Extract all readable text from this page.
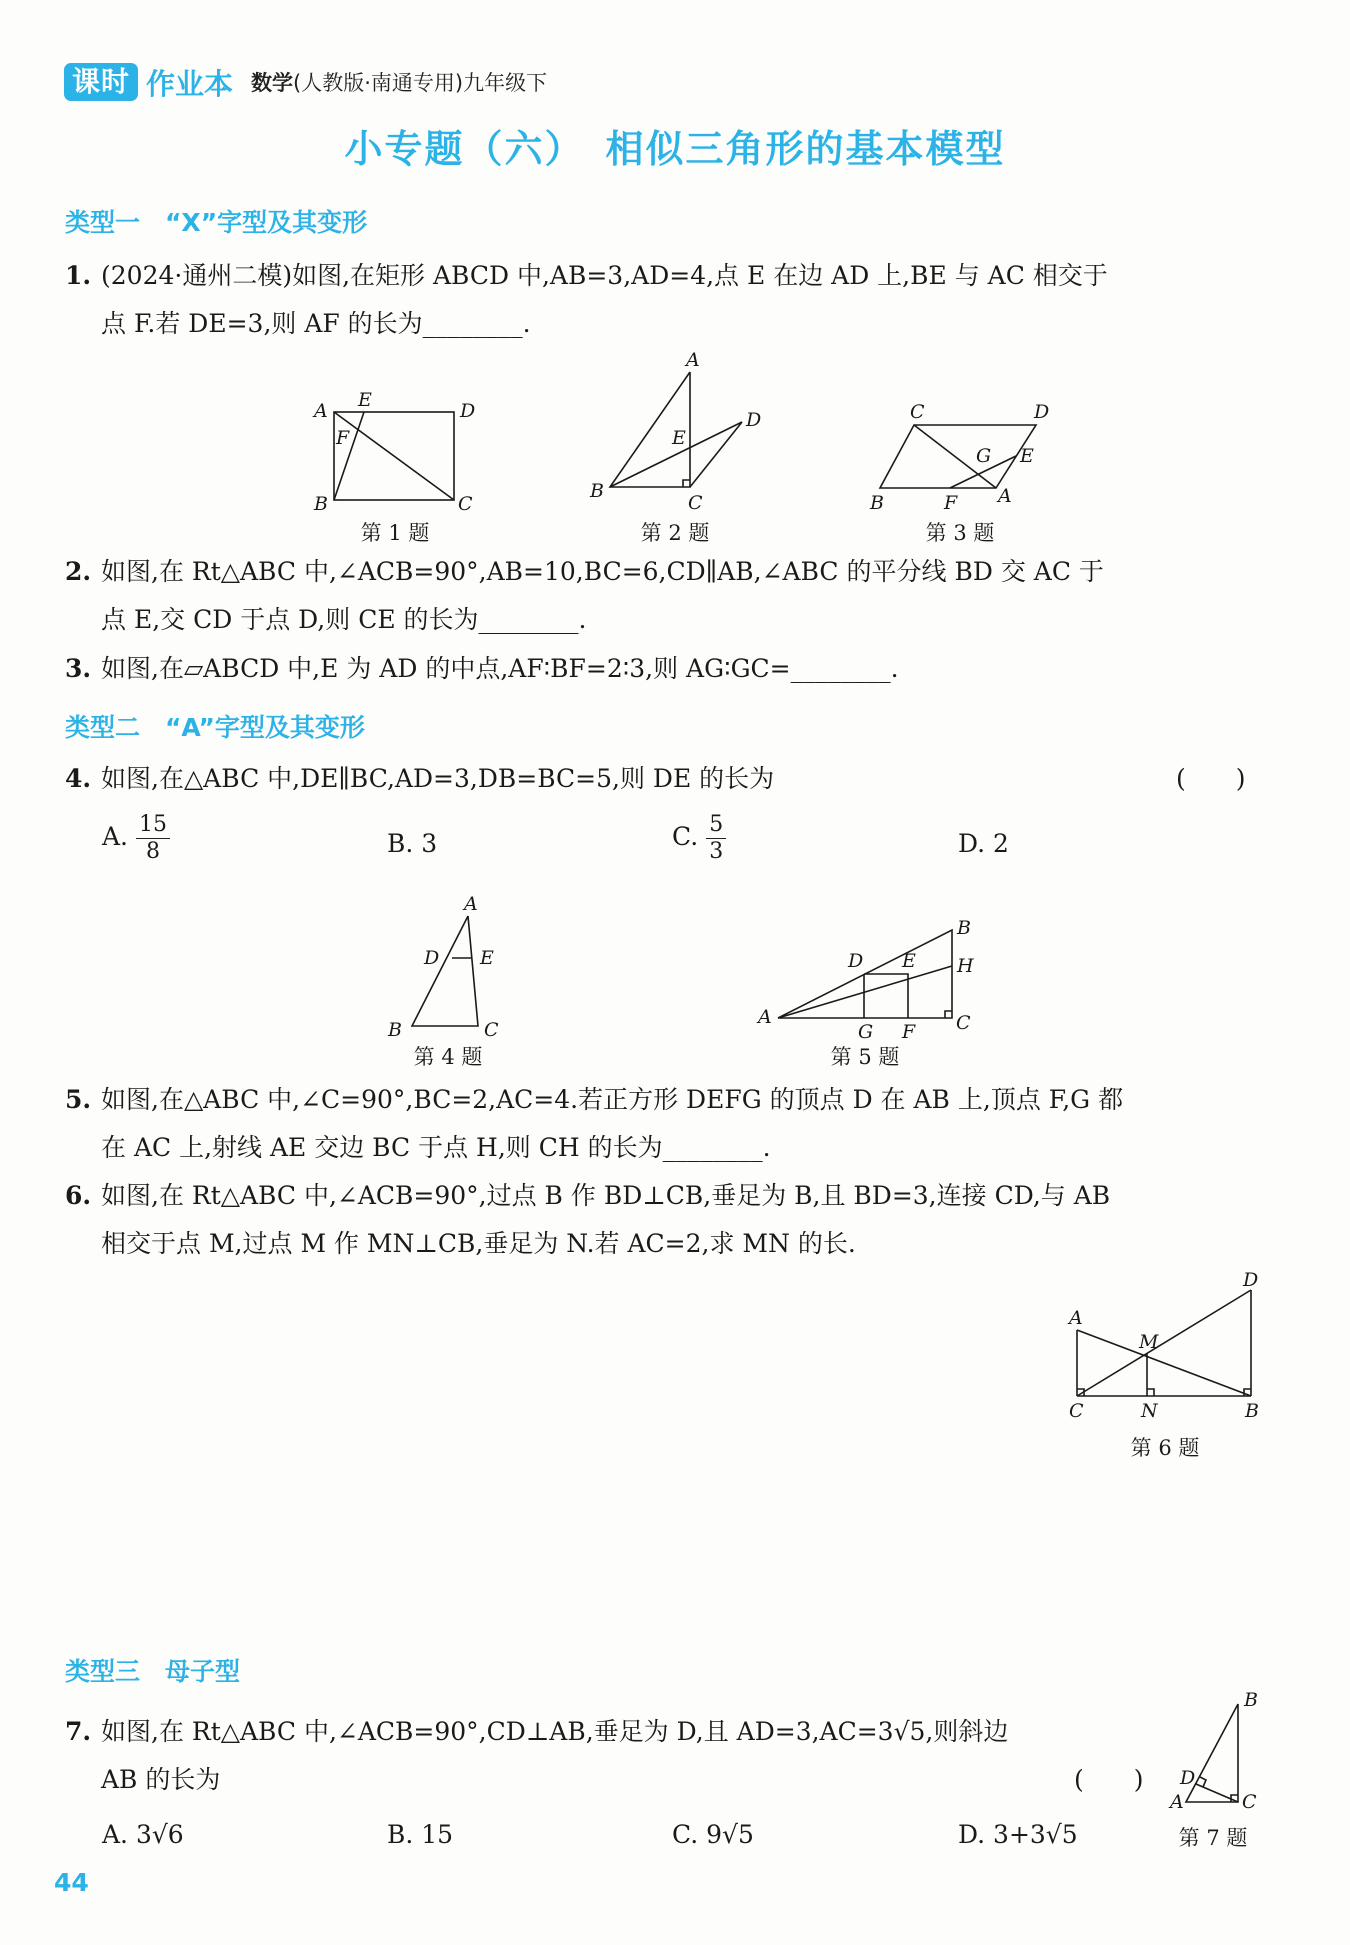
课时 作业本 数学(人教版·南通专用)九年级下
小专题（六）　相似三角形的基本模型
类型一　“X”字型及其变形
1. (2024·通州二模)如图,在矩形 ABCD 中,AB=3,AD=4,点 E 在边 AD 上,BE 与 AC 相交于
点 F.若 DE=3,则 AF 的长为________.
A E	D
F
B	C
第 1 题
A
E
D
B
C
第 2 题
C	D
G E
B	F A
第 3 题
2. 如图,在 Rt△ABC 中,∠ACB=90°,AB=10,BC=6,CD∥AB,∠ABC 的平分线 BD 交 AC 于
点 E,交 CD 于点 D,则 CE 的长为________.
3. 如图,在▱ABCD 中,E 为 AD 的中点,AF∶BF=2∶3,则 AG∶GC=________.
类型二　“A”字型及其变形
4. 如图,在△ABC 中,DE∥BC,AD=3,DB=BC=5,则 DE 的长为	(　　)
A. $\frac{15}{8}$	B. 3	C. $\frac{5}{3}$	D. 2
A
D E
B	C
第 4 题
B
D E H
A
G F C
第 5 题
5. 如图,在△ABC 中,∠C=90°,BC=2,AC=4.若正方形 DEFG 的顶点 D 在 AB 上,顶点 F,G 都
在 AC 上,射线 AE 交边 BC 于点 H,则 CH 的长为________.
6. 如图,在 Rt△ABC 中,∠ACB=90°,过点 B 作 BD⊥CB,垂足为 B,且 BD=3,连接 CD,与 AB
相交于点 M,过点 M 作 MN⊥CB,垂足为 N.若 AC=2,求 MN 的长.
D
A
M
C	N	B
第 6 题
类型三　母子型
7. 如图,在 Rt△ABC 中,∠ACB=90°,CD⊥AB,垂足为 D,且 AD=3,AC=3√5,则斜边
AB 的长为	(　　)
A. 3√6	B. 15	C. 9√5	D. 3+3√5
B
D
A	C
第 7 题
44
